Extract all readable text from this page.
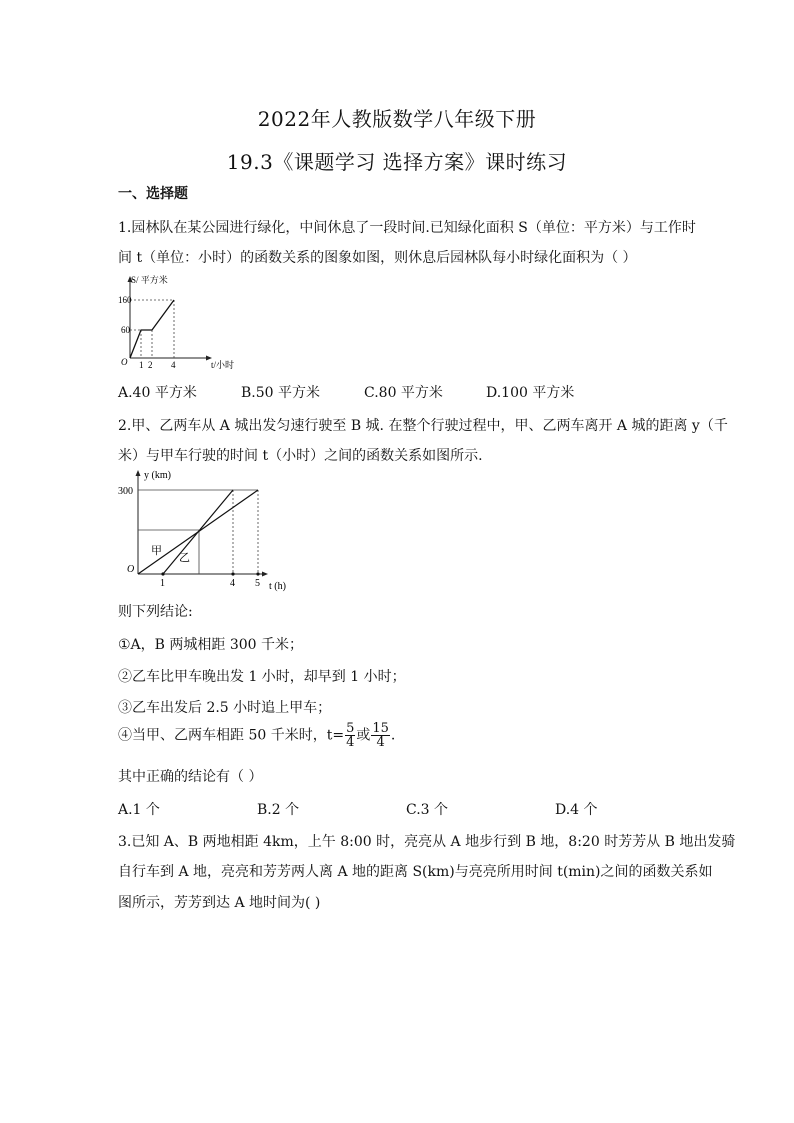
2022年人教版数学八年级下册
19.3《课题学习 选择方案》课时练习
一、选择题
1.园林队在某公园进行绿化，中间休息了一段时间.已知绿化面积 S（单位：平方米）与工作时
间 t（单位：小时）的函数关系的图象如图，则休息后园林队每小时绿化面积为（ ）
S/ 平方米
160
60
O 1 2 4	t/小时
A.40 平方米	B.50 平方米	C.80 平方米	D.100 平方米
2.甲、乙两车从 A 城出发匀速行驶至 B 城. 在整个行驶过程中，甲、乙两车离开 A 城的距离 y（千
米）与甲车行驶的时间 t（小时）之间的函数关系如图所示.
y (km)
300
O
1	4 5 t (h)
甲
乙
则下列结论:
①A，B 两城相距 300 千米；
②乙车比甲车晚出发 1 小时，却早到 1 小时；
③乙车出发后 2.5 小时追上甲车；
④当甲、乙两车相距 50 千米时，$t= \frac{5}{4}$ 或 $\frac{15}{4}$ .
其中正确的结论有（ ）
A.1 个	B.2 个	C.3 个	D.4 个
3.已知 A、B 两地相距 4km，上午 8:00 时，亮亮从 A 地步行到 B 地，8:20 时芳芳从 B 地出发骑
自行车到 A 地，亮亮和芳芳两人离 A 地的距离 S(km)与亮亮所用时间 t(min)之间的函数关系如
图所示，芳芳到达 A 地时间为( )
